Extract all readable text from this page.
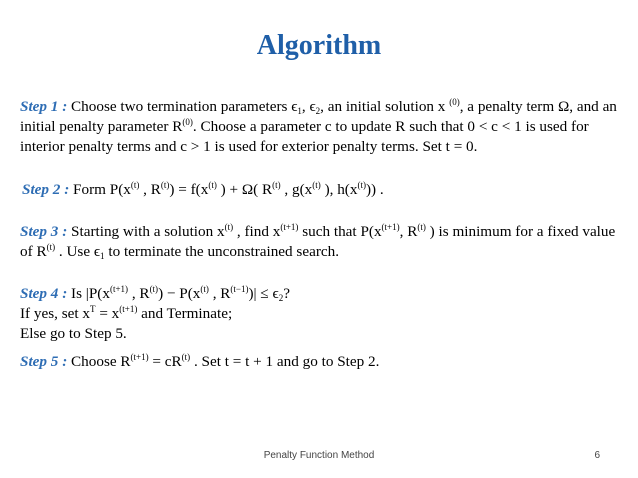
Algorithm
Step 1 : Choose two termination parameters $\epsilon_1$, $\epsilon_2$, an initial solution x $^{(0)}$, a penalty term Ω, and an initial penalty parameter $R^{(0)}$. Choose a parameter c to update R such that 0 < c < 1 is used for interior penalty terms and c > 1 is used for exterior penalty terms. Set t = 0.
Step 2 : Form $P(x^{(t)}$ , $R^{(t)}) = f(x^{(t)}$ ) + Ω( $R^{(t)}$ , $g(x^{(t)}$ ), $h(x^{(t)})$) .
Step 3 : Starting with a solution $x^{(t)}$ , find $x^{(t+1)}$ such that $P(x^{(t+1)}$, $R^{(t)}$ ) is minimum for a fixed value of $R^{(t)}$ . Use $\epsilon_1$ to terminate the unconstrained search.
Step 4 : Is $|P(x^{(t+1)}$ , $R^{(t)}) - P(x^{(t)}$ , $R^{(t-1)})| \le \epsilon_2$?
If yes, set $x^T = x^{(t+1)}$ and Terminate;
Else go to Step 5.
Step 5 : Choose $R^{(t+1)} = cR^{(t)}$ . Set t = t + 1 and go to Step 2.
Penalty Function Method	6
